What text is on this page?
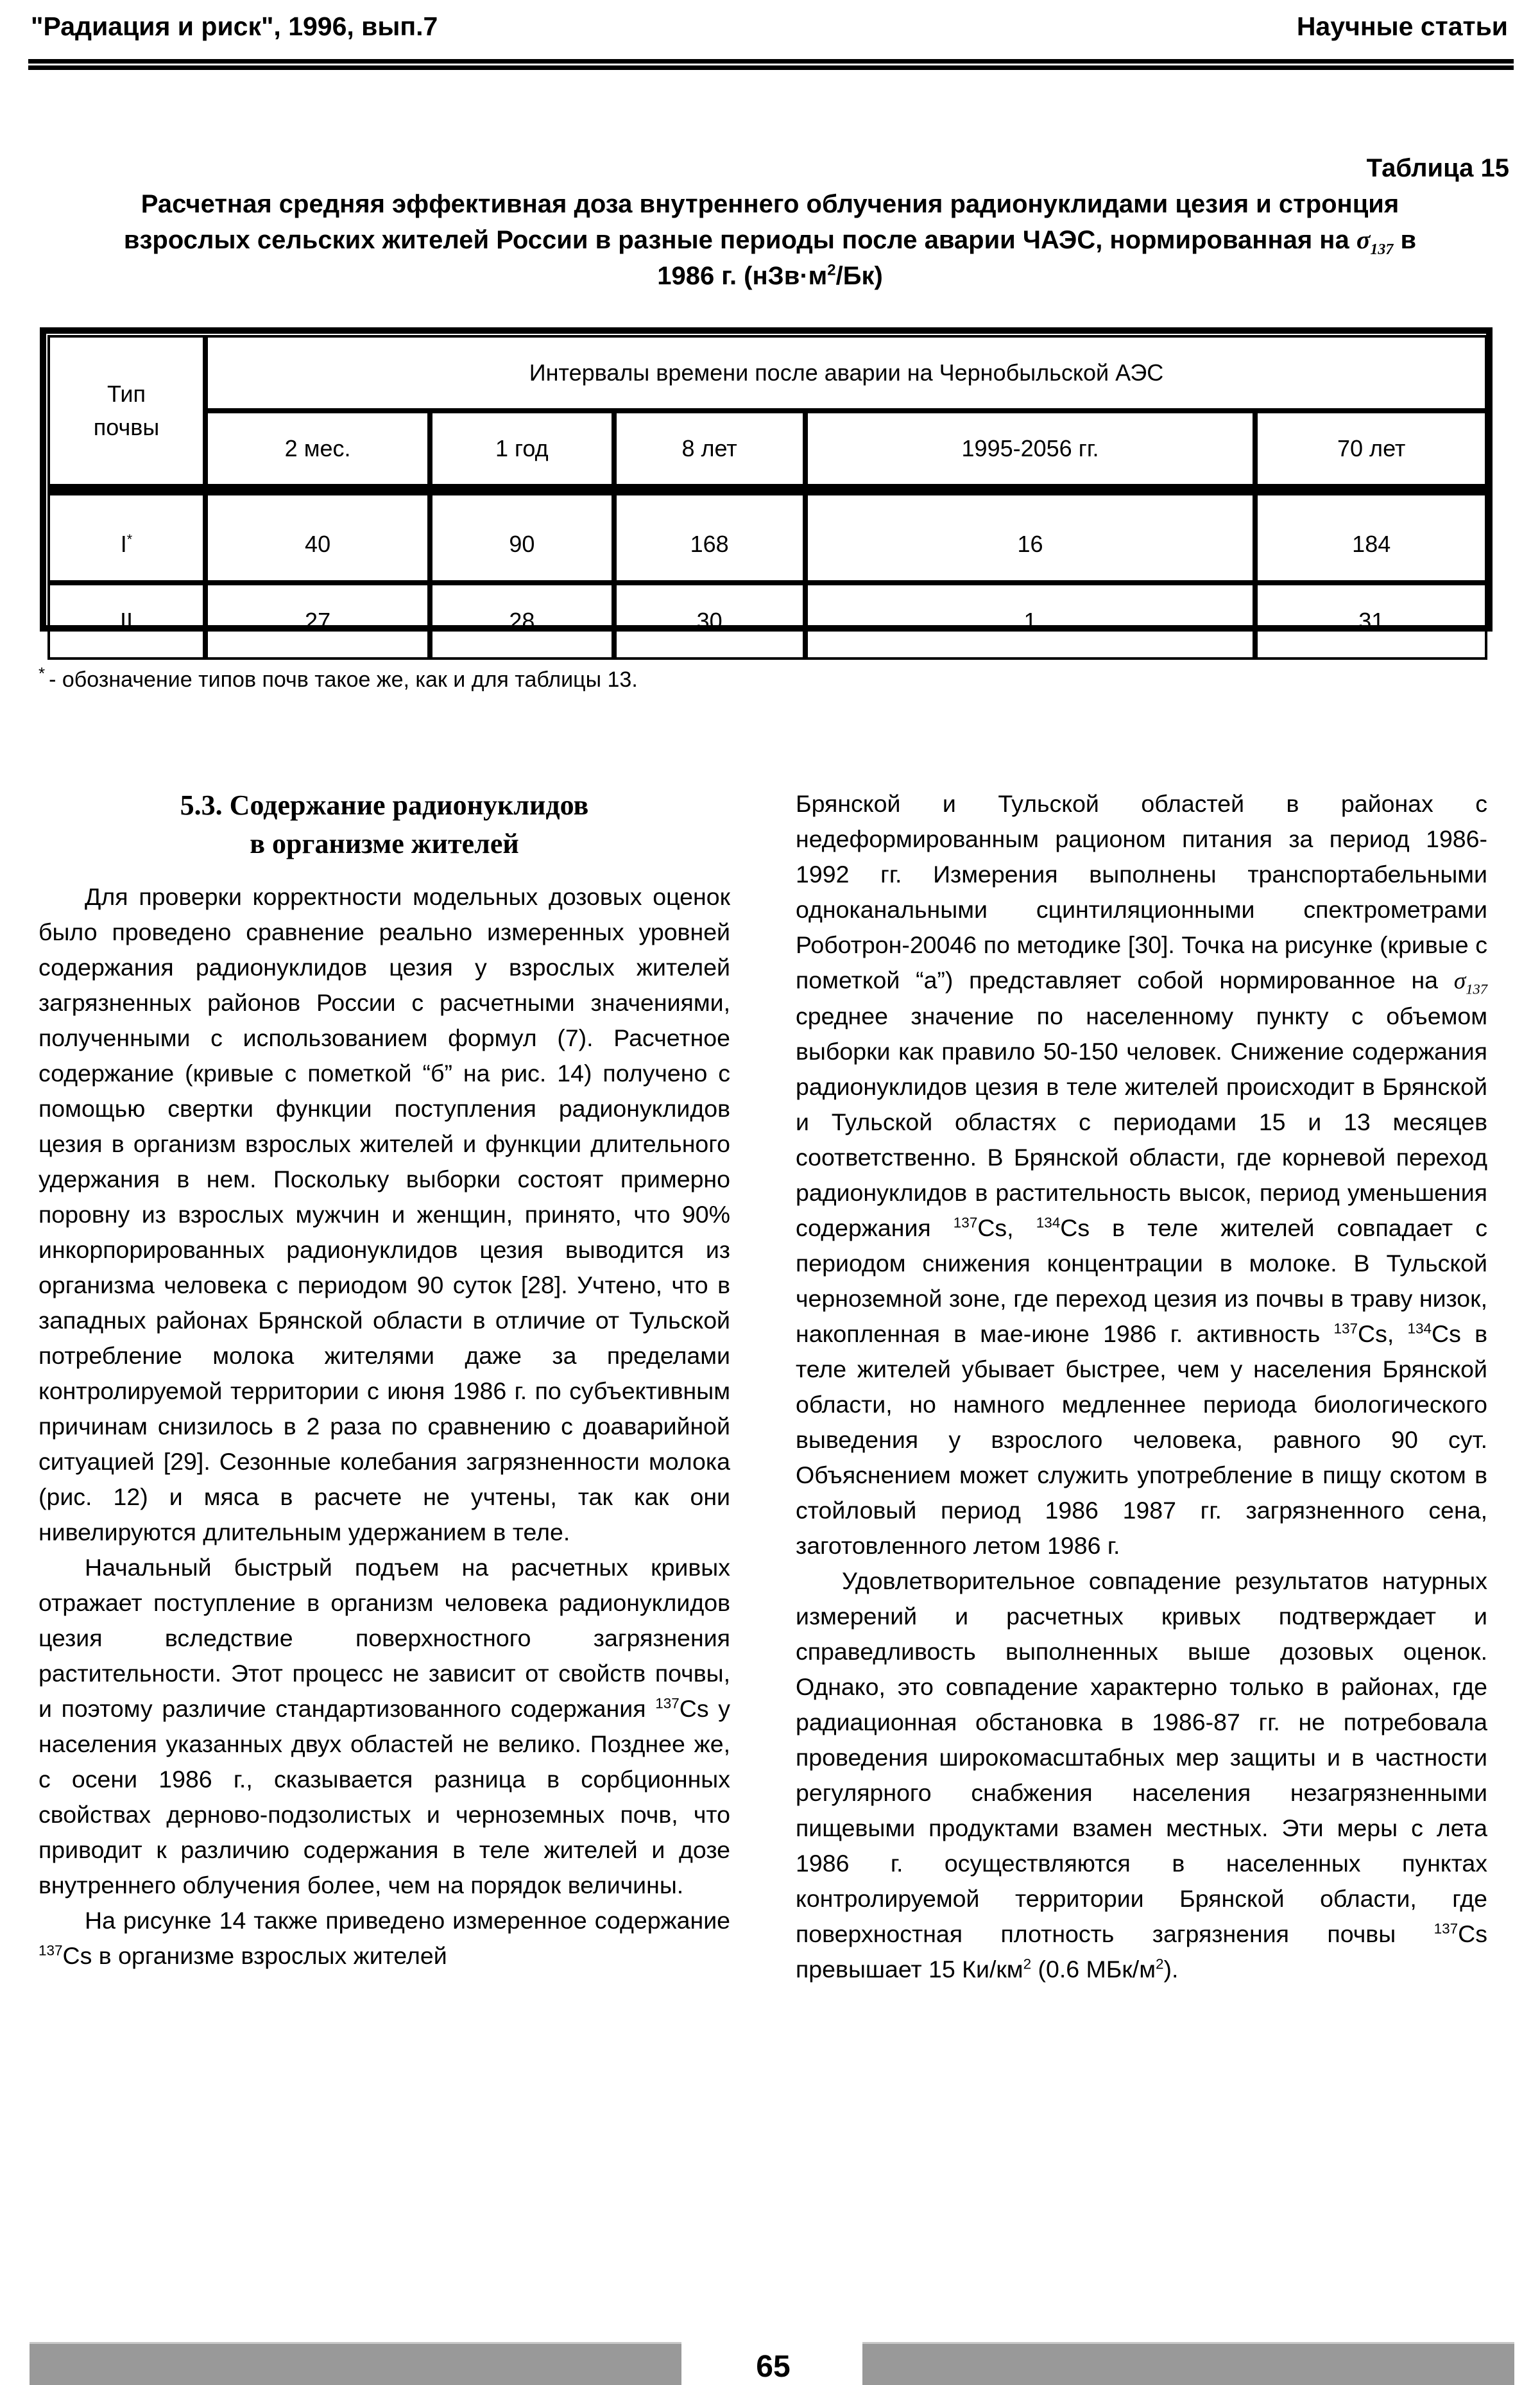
"Радиация и риск", 1996, вып.7	Научные статьи
Таблица 15
Расчетная средняя эффективная доза внутреннего облучения радионуклидами цезия и стронция взрослых сельских жителей России в разные периоды после аварии ЧАЭС, нормированная на $\sigma_{137}$ в 1986 г. $(нЗв\cdot м^2/Бк)$
Тип
почвы	Интервалы времени после аварии на Чернобыльской АЭС				
	2 мес.	1 год	8 лет	1995-2056 гг.	70 лет
I*	40	90	168	16	184
II	27	28	30	1	31
* - обозначение типов почв такое же, как и для таблицы 13.
5.3. Содержание радионуклидов
в организме жителей

Для проверки корректности модельных дозовых оценок было проведено сравнение реально измеренных уровней содержания радионуклидов цезия у взрослых жителей загрязненных районов России с расчетными значениями, полученными с использованием формул (7). Расчетное содержание (кривые с пометкой “б” на рис. 14) получено с помощью свертки функции поступления радионуклидов цезия в организм взрослых жителей и функции длительного удержания в нем. Поскольку выборки состоят примерно поровну из взрослых мужчин и женщин, принято, что 90% инкорпорированных радионуклидов цезия выводится из организма человека с периодом 90 суток [28]. Учтено, что в западных районах Брянской области в отличие от Тульской потребление молока жителями даже за пределами контролируемой территории с июня 1986 г. по субъективным причинам снизилось в 2 раза по сравнению с доаварийной ситуацией [29]. Сезонные колебания загрязненности молока (рис. 12) и мяса в расчете не учтены, так как они нивелируются длительным удержанием в теле.

Начальный быстрый подъем на расчетных кривых отражает поступление в организм человека радионуклидов цезия вследствие поверхностного загрязнения растительности. Этот процесс не зависит от свойств почвы, и поэтому различие стандартизованного содержания $^{137}$Cs у населения указанных двух областей не велико. Позднее же, с осени 1986 г., сказывается разница в сорбционных свойствах дерново-подзолистых и черноземных почв, что приводит к различию содержания в теле жителей и дозе внутреннего облучения более, чем на порядок величины.

На рисунке 14 также приведено измеренное содержание $^{137}$Cs в организме взрослых жителей

Брянской и Тульской областей в районах с недеформированным рационом питания за период 1986-1992 гг. Измерения выполнены транспортабельными одноканальными сцинтиляционными спектрометрами Роботрон-20046 по методике [30]. Точка на рисунке (кривые с пометкой “а”) представляет собой нормированное на $\sigma_{137}$ среднее значение по населенному пункту с объемом выборки как правило 50-150 человек. Снижение содержания радионуклидов цезия в теле жителей происходит в Брянской и Тульской областях с периодами 15 и 13 месяцев соответственно. В Брянской области, где корневой переход радионуклидов в растительность высок, период уменьшения содержания $^{137}$Cs, $^{134}$Cs в теле жителей совпадает с периодом снижения концентрации в молоке. В Тульской черноземной зоне, где переход цезия из почвы в траву низок, накопленная в мае-июне 1986 г. активность $^{137}$Cs, $^{134}$Cs в теле жителей убывает быстрее, чем у населения Брянской области, но намного медленнее периода биологического выведения у взрослого человека, равного 90 сут. Объяснением может служить употребление в пищу скотом в стойловый период 1986 1987 гг. загрязненного сена, заготовленного летом 1986 г.

Удовлетворительное совпадение результатов натурных измерений и расчетных кривых подтверждает и справедливость выполненных выше дозовых оценок. Однако, это совпадение характерно только в районах, где радиационная обстановка в 1986-87 гг. не потребовала проведения широкомасштабных мер защиты и в частности регулярного снабжения населения незагрязненными пищевыми продуктами взамен местных. Эти меры с лета 1986 г. осуществляются в населенных пунктах контролируемой территории Брянской области, где поверхностная плотность загрязнения почвы $^{137}$Cs превышает 15 $Ки/км^2$ (0.6 МБк/$м^2$).

65
